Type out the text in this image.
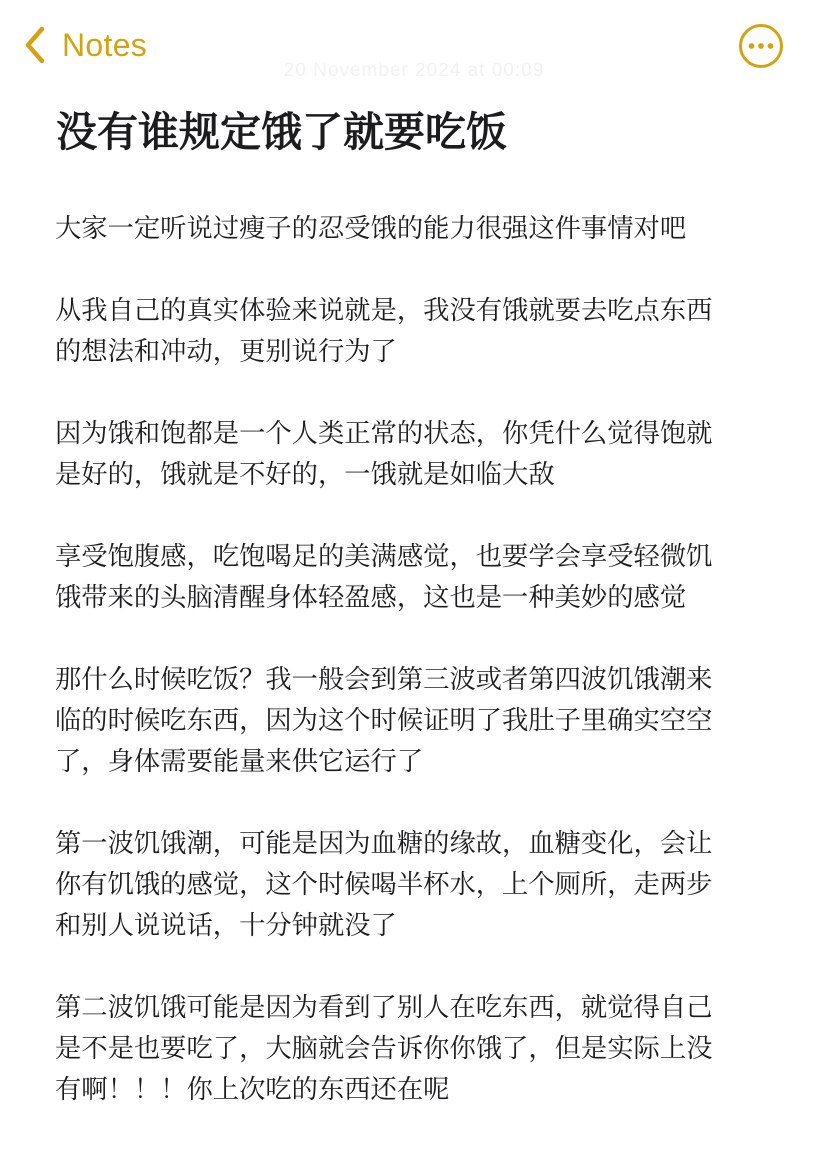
Notes
20 November 2024 at 00:09
没有谁规定饿了就要吃饭

大家一定听说过瘦子的忍受饿的能力很强这件事情对吧

从我自己的真实体验来说就是，我没有饿就要去吃点东西
的想法和冲动，更别说行为了

因为饿和饱都是一个人类正常的状态，你凭什么觉得饱就
是好的，饿就是不好的，一饿就是如临大敌

享受饱腹感，吃饱喝足的美满感觉，也要学会享受轻微饥
饿带来的头脑清醒身体轻盈感，这也是一种美妙的感觉

那什么时候吃饭？我一般会到第三波或者第四波饥饿潮来
临的时候吃东西，因为这个时候证明了我肚子里确实空空
了，身体需要能量来供它运行了

第一波饥饿潮，可能是因为血糖的缘故，血糖变化，会让
你有饥饿的感觉，这个时候喝半杯水，上个厕所，走两步
和别人说说话，十分钟就没了

第二波饥饿可能是因为看到了别人在吃东西，就觉得自己
是不是也要吃了，大脑就会告诉你你饿了，但是实际上没
有啊！！！你上次吃的东西还在呢
